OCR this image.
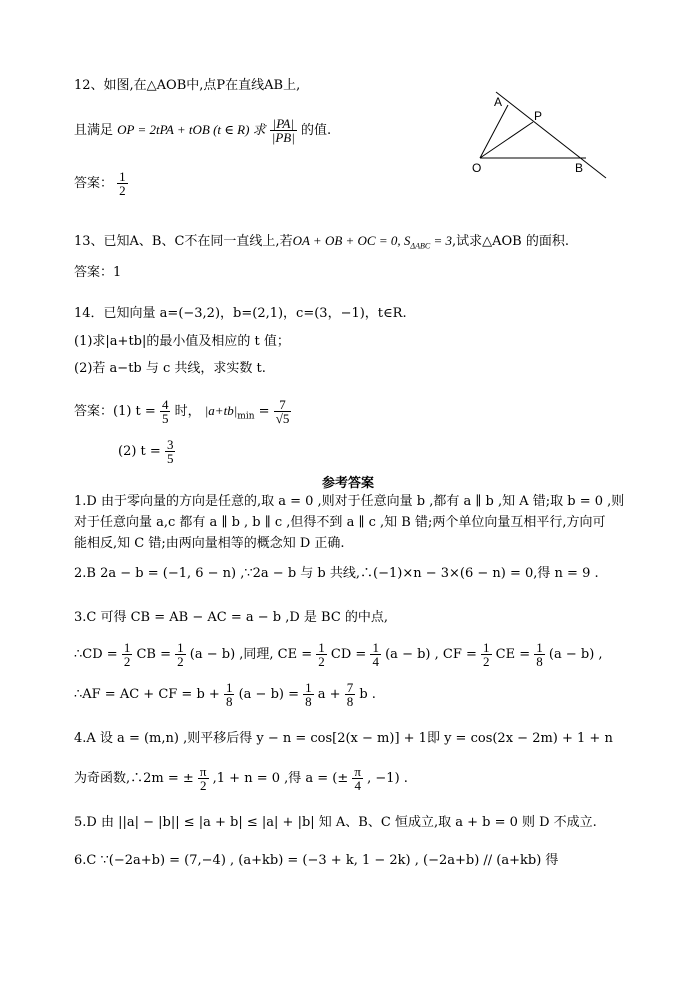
12、如图,在△AOB中,点P在直线AB上,
且满足 OP = 2tPA + tOB (t ∈ R) 求 $\frac{|PA|}{|PB|}$ 的值.
答案： $\frac{1}{2}$
A
P
O	B
13、已知A、B、C不在同一直线上,若OA + OB + OC = 0, $S_{\Delta ABC} = 3$,试求△AOB 的面积.
答案：1
14．已知向量 a=(−3,2)，b=(2,1)，c=(3，−1)，t∈R.
(1)求|a+tb|的最小值及相应的 t 值；
(2)若 a−tb 与 c 共线，求实数 t.
答案：(1) $t = \frac{4}{5}$ 时， $|a+tb|_{min} = \frac{7}{√5}$
(2) $t = \frac{3}{5}$
参考答案
1.D 由于零向量的方向是任意的,取 a = 0 ,则对于任意向量 b ,都有 a ∥ b ,知 A 错;取 b = 0 ,则
对于任意向量 a,c 都有 a ∥ b , b ∥ c ,但得不到 a ∥ c ,知 B 错;两个单位向量互相平行,方向可
能相反,知 C 错;由两向量相等的概念知 D 正确.
2.B 2a − b = (−1, 6 − n) ,∵2a − b 与 b 共线,∴(−1)×n − 3×(6 − n) = 0,得 n = 9 .
3.C 可得 CB = AB − AC = a − b ,D 是 BC 的中点,
∴CD = $\frac{1}{2}$ CB = $\frac{1}{2} (a - b)$ ,同理, CE = $\frac{1}{2}$ CD = $\frac{1}{4} (a - b)$ , CF = $\frac{1}{2}$ CE = $\frac{1}{8} (a - b)$ ,
∴AF = AC + CF = $b + \frac{1}{8} (a - b) = \frac{1}{8}$ $a + \frac{7}{8}$ b .
4.A 设 a = (m,n) ,则平移后得 y − n = cos[2(x − m)] + 1即 y = cos(2x − 2m) + 1 + n
为奇函数,∴2m = ± $\frac{\pi}{2} ,1 + n = 0$ ,得 a = (± $\frac{\pi}{4}$ , −1) .
5.D 由 ||a| − |b|| ≤ |a + b| ≤ |a| + |b| 知 A、B、C 恒成立,取 a + b = 0 则 D 不成立.
6.C ∵(−2a+b) = (7,−4) , (a+kb) = (−3 + k, 1 − 2k) , (−2a+b) // (a+kb) 得
